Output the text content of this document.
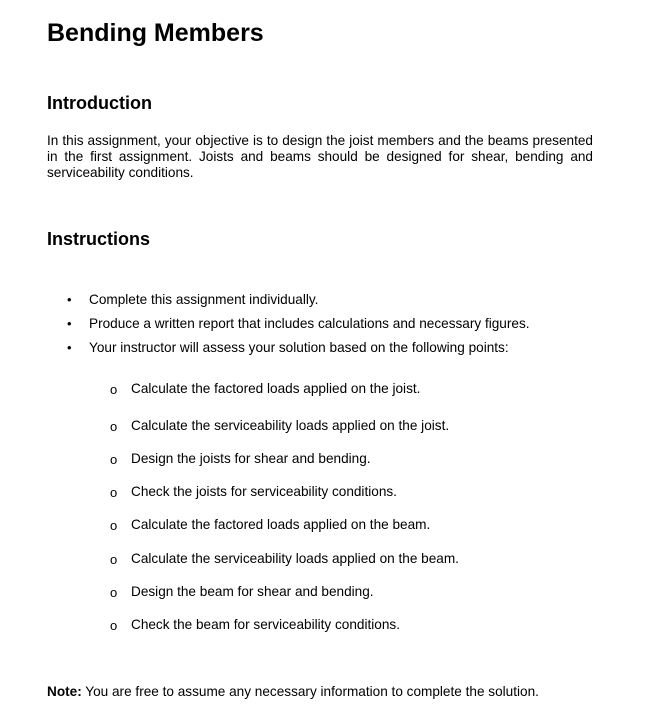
Bending Members
Introduction

In this assignment, your objective is to design the joist members and the beams presented in the first assignment. Joists and beams should be designed for shear, bending and serviceability conditions.

Instructions
• Complete this assignment individually.
• Produce a written report that includes calculations and necessary figures.
• Your instructor will assess your solution based on the following points:
o Calculate the factored loads applied on the joist.
o Calculate the serviceability loads applied on the joist.
o Design the joists for shear and bending.
o Check the joists for serviceability conditions.
o Calculate the factored loads applied on the beam.
o Calculate the serviceability loads applied on the beam.
o Design the beam for shear and bending.
o Check the beam for serviceability conditions.

Note: You are free to assume any necessary information to complete the solution.
